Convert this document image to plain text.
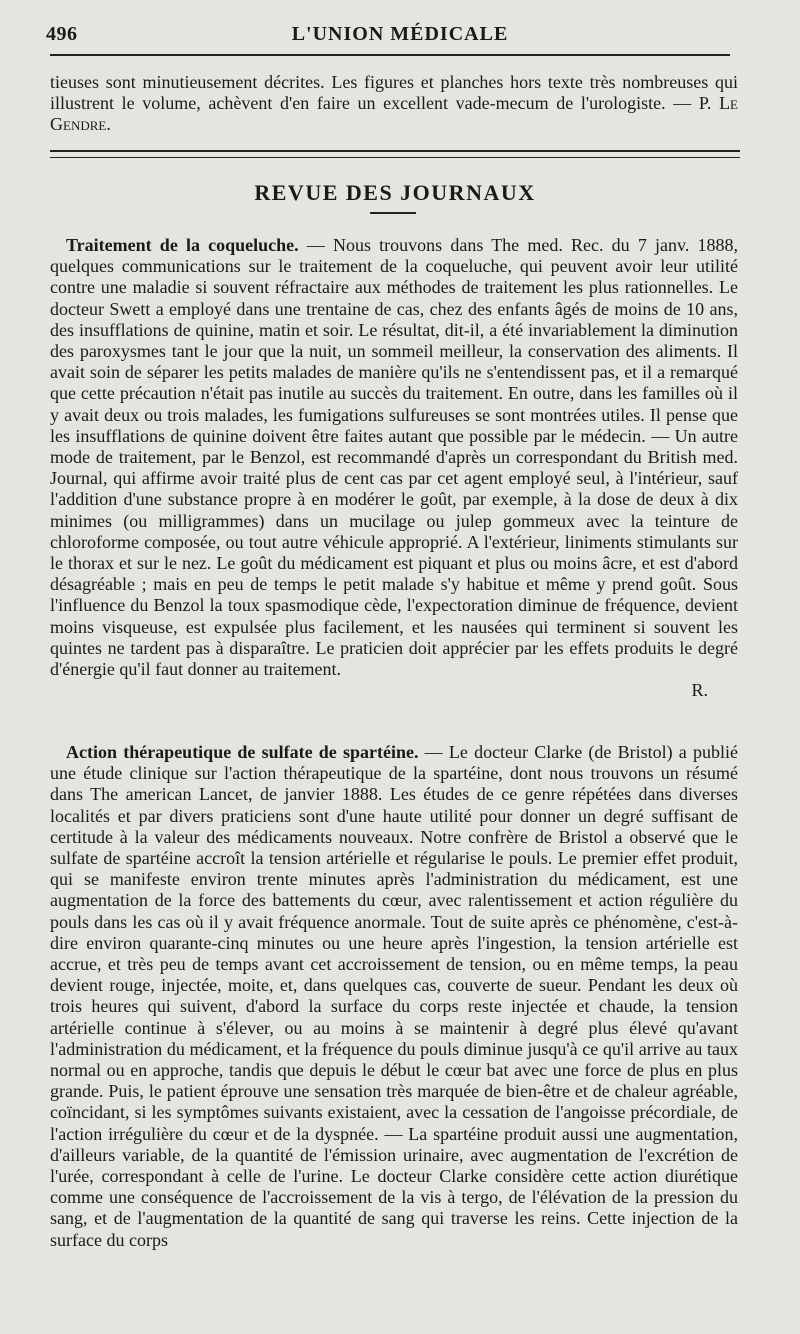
496	L'UNION MÉDICALE

tieuses sont minutieusement décrites. Les figures et planches hors texte très nombreuses qui illustrent le volume, achèvent d'en faire un excellent vade-mecum de l'urologiste. — P. Le Gendre.

REVUE DES JOURNAUX

Traitement de la coqueluche. — Nous trouvons dans The med. Rec. du 7 janv. 1888, quelques communications sur le traitement de la coqueluche, qui peuvent avoir leur utilité contre une maladie si souvent réfractaire aux méthodes de traitement les plus rationnelles. Le docteur Swett a employé dans une trentaine de cas, chez des enfants âgés de moins de 10 ans, des insufflations de quinine, matin et soir. Le résultat, dit-il, a été invariablement la diminution des paroxysmes tant le jour que la nuit, un sommeil meilleur, la conservation des aliments. Il avait soin de séparer les petits malades de manière qu'ils ne s'entendissent pas, et il a remarqué que cette précaution n'était pas inutile au succès du traitement. En outre, dans les familles où il y avait deux ou trois malades, les fumigations sulfureuses se sont montrées utiles. Il pense que les insufflations de quinine doivent être faites autant que possible par le médecin. — Un autre mode de traitement, par le Benzol, est recommandé d'après un correspondant du British med. Journal, qui affirme avoir traité plus de cent cas par cet agent employé seul, à l'intérieur, sauf l'addition d'une substance propre à en modérer le goût, par exemple, à la dose de deux à dix minimes (ou milligrammes) dans un mucilage ou julep gommeux avec la teinture de chloroforme composée, ou tout autre véhicule approprié. A l'extérieur, liniments stimulants sur le thorax et sur le nez. Le goût du médicament est piquant et plus ou moins âcre, et est d'abord désagréable ; mais en peu de temps le petit malade s'y habitue et même y prend goût. Sous l'influence du Benzol la toux spasmodique cède, l'expectoration diminue de fréquence, devient moins visqueuse, est expulsée plus facilement, et les nausées qui terminent si souvent les quintes ne tardent pas à disparaître. Le praticien doit apprécier par les effets produits le degré d'énergie qu'il faut donner au traitement.

R.

Action thérapeutique de sulfate de spartéine. — Le docteur Clarke (de Bristol) a publié une étude clinique sur l'action thérapeutique de la spartéine, dont nous trouvons un résumé dans The american Lancet, de janvier 1888. Les études de ce genre répétées dans diverses localités et par divers praticiens sont d'une haute utilité pour donner un degré suffisant de certitude à la valeur des médicaments nouveaux. Notre confrère de Bristol a observé que le sulfate de spartéine accroît la tension artérielle et régularise le pouls. Le premier effet produit, qui se manifeste environ trente minutes après l'administration du médicament, est une augmentation de la force des battements du cœur, avec ralentissement et action régulière du pouls dans les cas où il y avait fréquence anormale. Tout de suite après ce phénomène, c'est-à-dire environ quarante-cinq minutes ou une heure après l'ingestion, la tension artérielle est accrue, et très peu de temps avant cet accroissement de tension, ou en même temps, la peau devient rouge, injectée, moite, et, dans quelques cas, couverte de sueur. Pendant les deux où trois heures qui suivent, d'abord la surface du corps reste injectée et chaude, la tension artérielle continue à s'élever, ou au moins à se maintenir à degré plus élevé qu'avant l'administration du médicament, et la fréquence du pouls diminue jusqu'à ce qu'il arrive au taux normal ou en approche, tandis que depuis le début le cœur bat avec une force de plus en plus grande. Puis, le patient éprouve une sensation très marquée de bien-être et de chaleur agréable, coïncidant, si les symptômes suivants existaient, avec la cessation de l'angoisse précordiale, de l'action irrégulière du cœur et de la dyspnée. — La spartéine produit aussi une augmentation, d'ailleurs variable, de la quantité de l'émission urinaire, avec augmentation de l'excrétion de l'urée, correspondant à celle de l'urine. Le docteur Clarke considère cette action diurétique comme une conséquence de l'accroissement de la vis à tergo, de l'élévation de la pression du sang, et de l'augmentation de la quantité de sang qui traverse les reins. Cette injection de la surface du corps
